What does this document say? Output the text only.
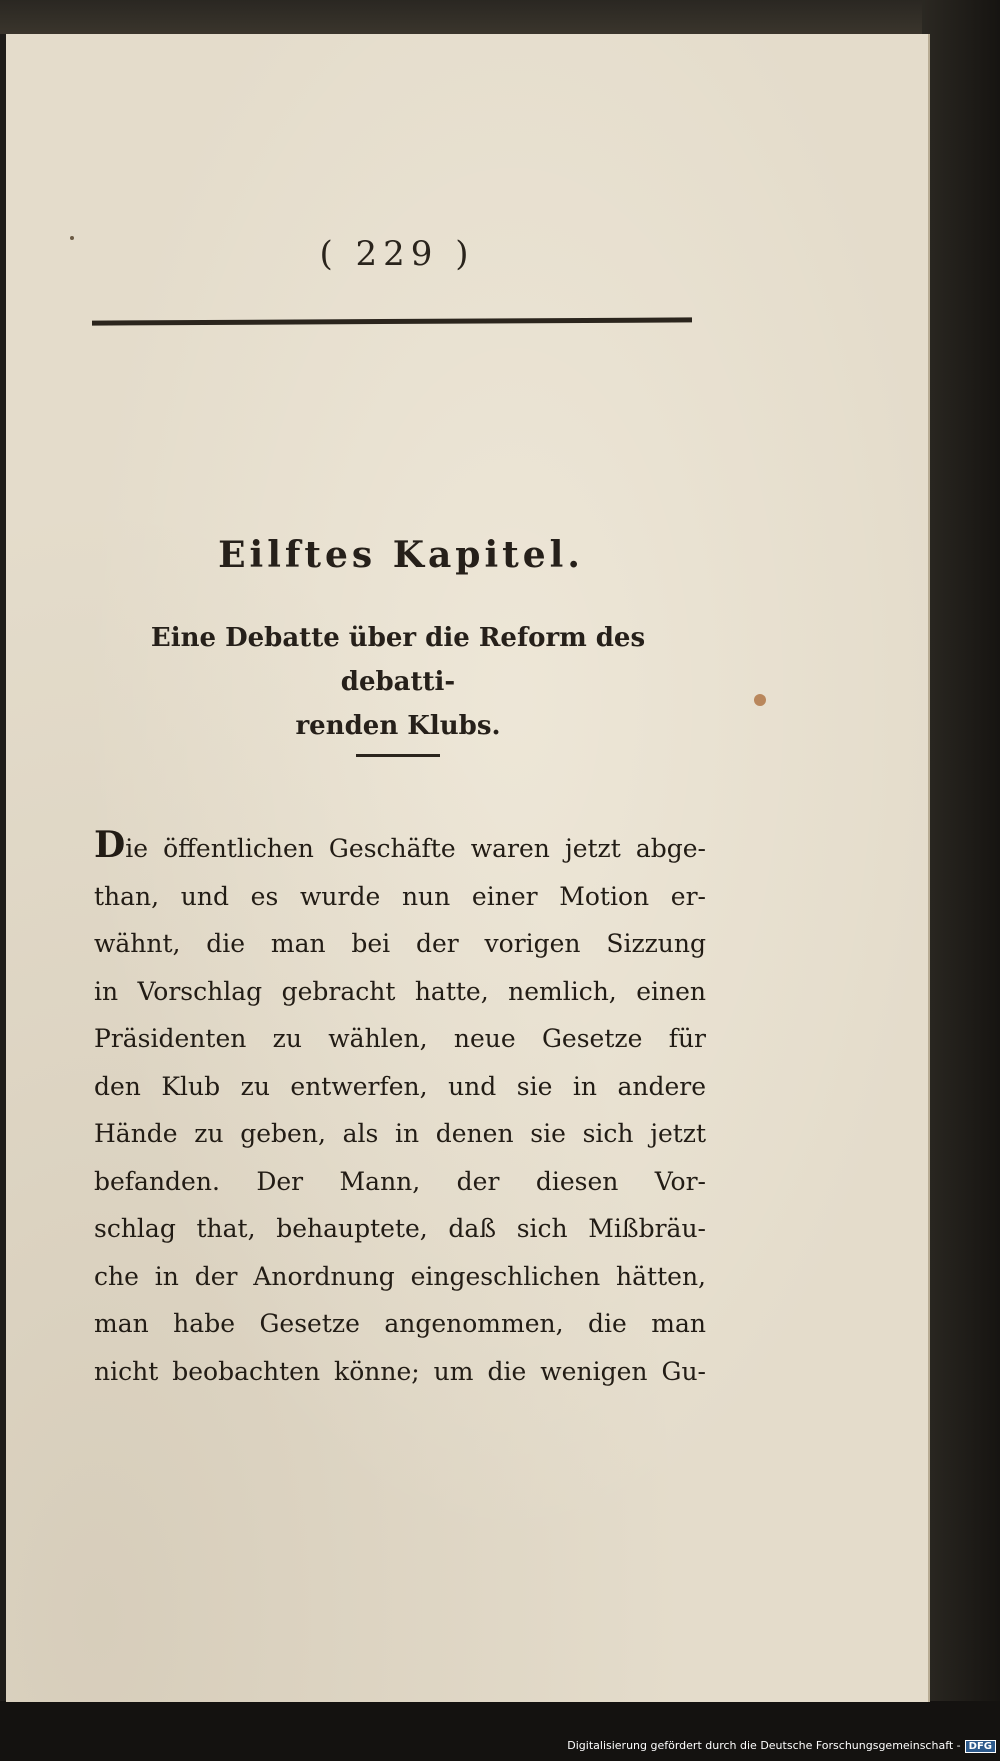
( 229 )
Eilftes Kapitel.
Eine Debatte über die Reform des debatti-
renden Klubs.
Die öffentlichen Geschäfte waren jetzt abge-
than, und es wurde nun einer Motion er-
wähnt, die man bei der vorigen Sizzung
in Vorschlag gebracht hatte, nemlich, einen
Präsidenten zu wählen, neue Gesetze für
den Klub zu entwerfen, und sie in andere
Hände zu geben, als in denen sie sich jetzt
befanden. Der Mann, der diesen Vor-
schlag that, behauptete, daß sich Mißbräu-
che in der Anordnung eingeschlichen hätten,
man habe Gesetze angenommen, die man
nicht beobachten könne; um die wenigen Gu-
Digitalisierung gefördert durch die Deutsche Forschungsgemeinschaft - DFG
